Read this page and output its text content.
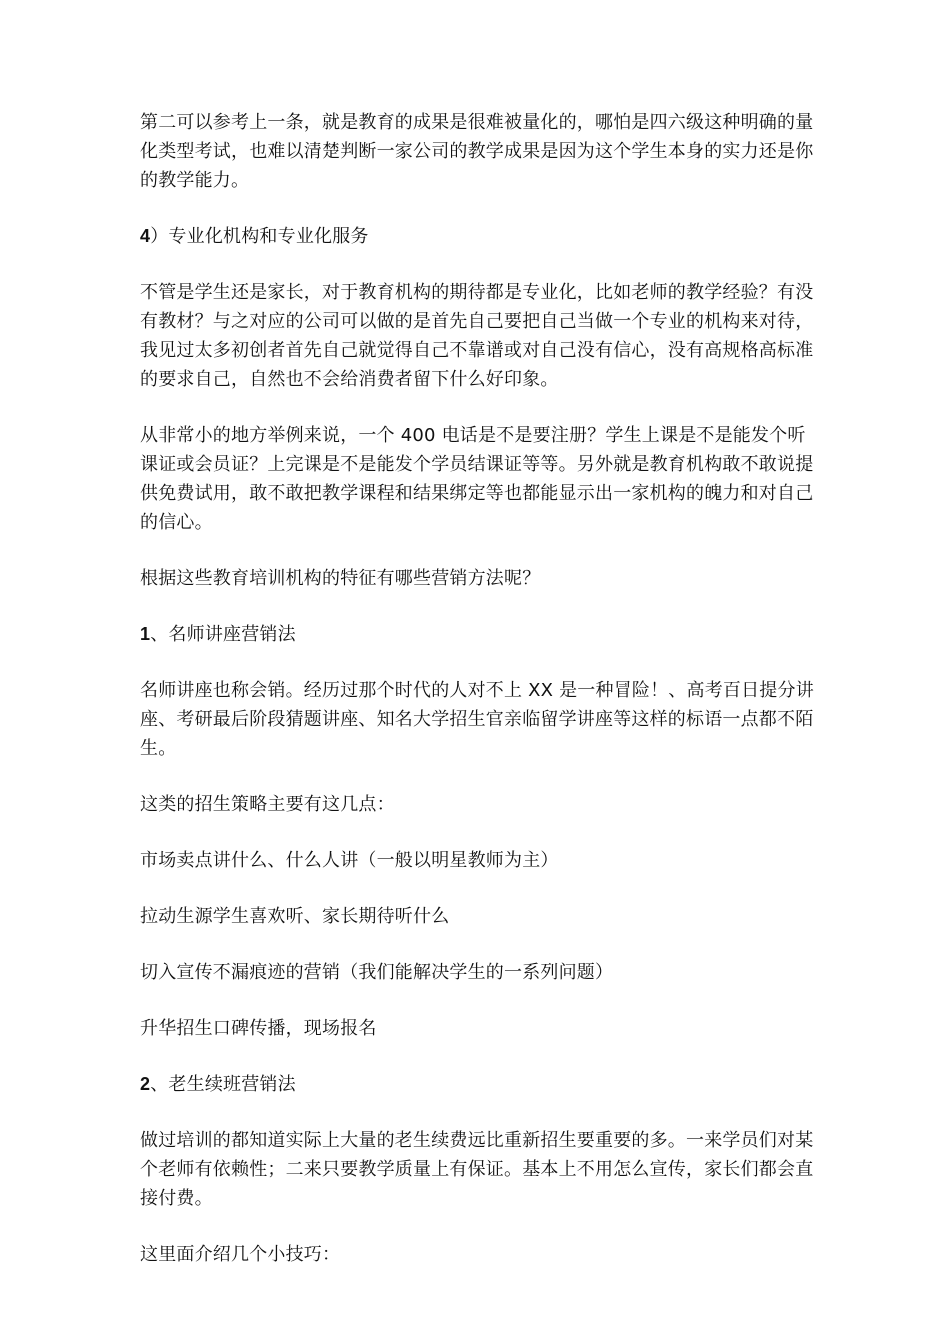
第二可以参考上一条，就是教育的成果是很难被量化的，哪怕是四六级这种明确的量化类型考试，也难以清楚判断一家公司的教学成果是因为这个学生本身的实力还是你的教学能力。

4）专业化机构和专业化服务

不管是学生还是家长，对于教育机构的期待都是专业化，比如老师的教学经验？有没有教材？与之对应的公司可以做的是首先自己要把自己当做一个专业的机构来对待，我见过太多初创者首先自己就觉得自己不靠谱或对自己没有信心，没有高规格高标准的要求自己，自然也不会给消费者留下什么好印象。

从非常小的地方举例来说，一个 400 电话是不是要注册？学生上课是不是能发个听课证或会员证？上完课是不是能发个学员结课证等等。另外就是教育机构敢不敢说提供免费试用，敢不敢把教学课程和结果绑定等也都能显示出一家机构的魄力和对自己的信心。

根据这些教育培训机构的特征有哪些营销方法呢？

1、名师讲座营销法

名师讲座也称会销。经历过那个时代的人对不上 XX 是一种冒险！、高考百日提分讲座、考研最后阶段猜题讲座、知名大学招生官亲临留学讲座等这样的标语一点都不陌生。

这类的招生策略主要有这几点：

市场卖点讲什么、什么人讲（一般以明星教师为主）

拉动生源学生喜欢听、家长期待听什么

切入宣传不漏痕迹的营销（我们能解决学生的一系列问题）

升华招生口碑传播，现场报名

2、老生续班营销法

做过培训的都知道实际上大量的老生续费远比重新招生要重要的多。一来学员们对某个老师有依赖性；二来只要教学质量上有保证。基本上不用怎么宣传，家长们都会直接付费。

这里面介绍几个小技巧：
